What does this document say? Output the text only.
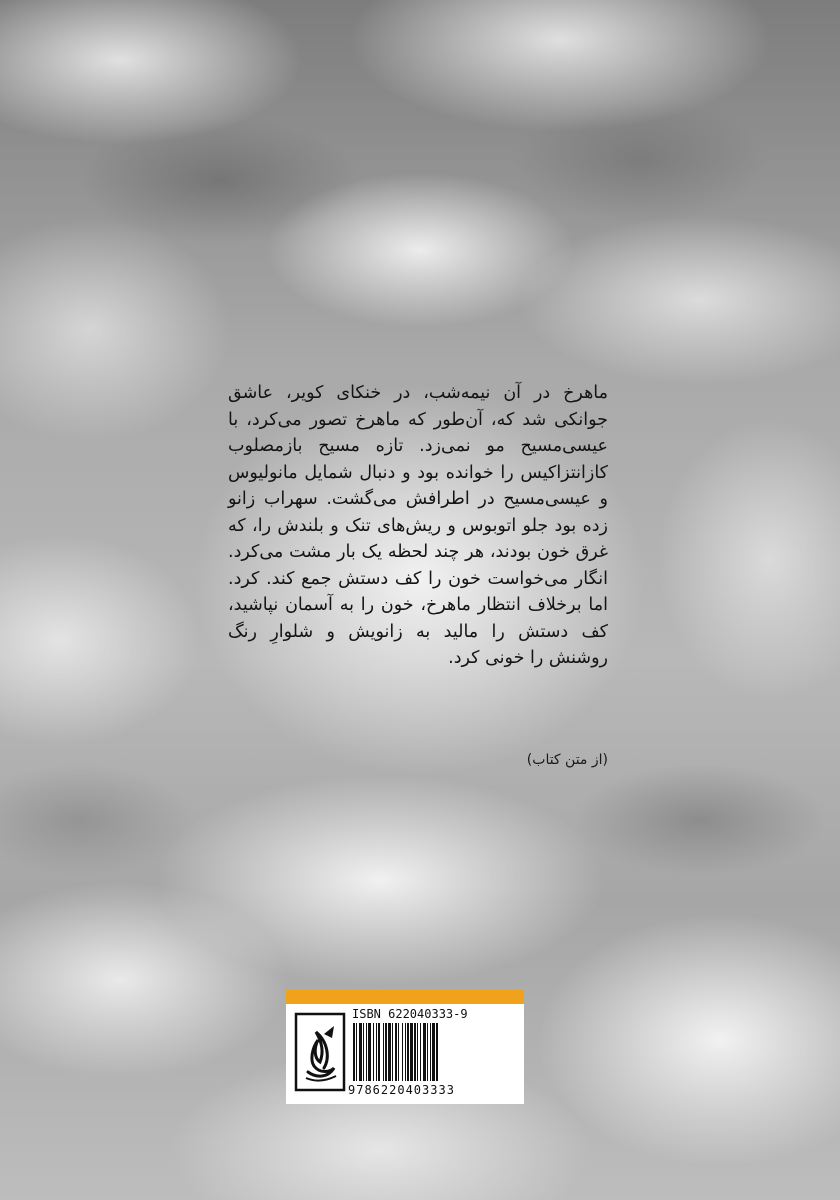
ماهرخ در آن نیمه‌شب، در خنکای کویر، عاشق جوانکی شد که، آن‌طور که ماهرخ تصور می‌کرد، با عیسی‌مسیح مو نمی‌زد. تازه مسیح بازمصلوب کازانتزاکیس را خوانده بود و دنبال شمایل مانولیوس و عیسی‌مسیح در اطرافش می‌گشت. سهراب زانو زده بود جلو اتوبوس و ریش‌های تنک و بلندش را، که غرق خون بودند، هر چند لحظه یک بار مشت می‌کرد. انگار می‌خواست خون را کف دستش جمع کند. کرد. اما برخلاف انتظار ماهرخ، خون را به آسمان نپاشید، کف دستش را مالید به زانویش و شلوارِ رنگ روشنش را خونی کرد.

(از متن کتاب)

ISBN 622040333-9

9786220403333
